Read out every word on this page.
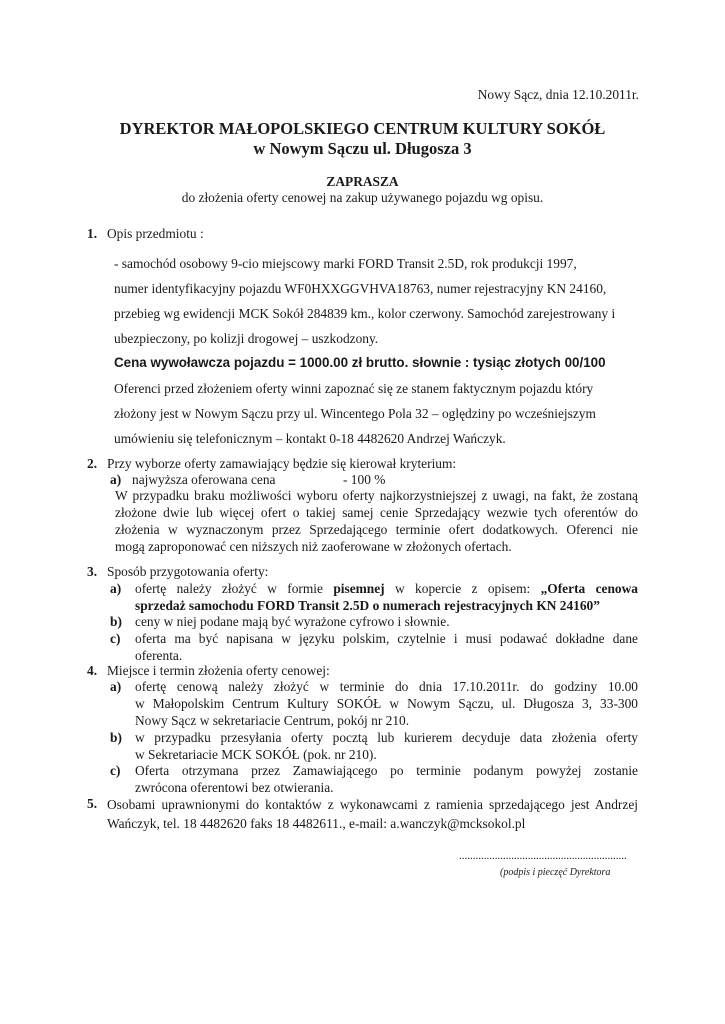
Nowy Sącz, dnia 12.10.2011r.
DYREKTOR MAŁOPOLSKIEGO CENTRUM KULTURY SOKÓŁ
w Nowym Sączu ul. Długosza 3
ZAPRASZA
do złożenia oferty cenowej na zakup używanego pojazdu wg opisu.
1. Opis przedmiotu :
- samochód osobowy 9-cio miejscowy marki FORD Transit 2.5D, rok produkcji 1997,
numer identyfikacyjny pojazdu WF0HXXGGVHVA18763, numer rejestracyjny KN 24160,
przebieg wg ewidencji MCK Sokół 284839 km., kolor czerwony. Samochód zarejestrowany i
ubezpieczony, po kolizji drogowej – uszkodzony.
Cena wywoławcza pojazdu = 1000.00 zł brutto. słownie : tysiąc złotych 00/100
Oferenci przed złożeniem oferty winni zapoznać się ze stanem faktycznym pojazdu który
złożony jest w Nowym Sączu przy ul. Wincentego Pola 32 – oględziny po wcześniejszym
umówieniu się telefonicznym – kontakt 0-18 4482620 Andrzej Wańczyk.
2. Przy wyborze oferty zamawiający będzie się kierował kryterium:
a) najwyższa oferowana cena	- 100 %
W przypadku braku możliwości wyboru oferty najkorzystniejszej z uwagi, na fakt, że zostaną
złożone dwie lub więcej ofert o takiej samej cenie Sprzedający wezwie tych oferentów do
złożenia w wyznaczonym przez Sprzedającego terminie ofert dodatkowych. Oferenci nie
mogą zaproponować cen niższych niż zaoferowane w złożonych ofertach.
3. Sposób przygotowania oferty:
a) ofertę należy złożyć w formie pisemnej w kopercie z opisem: „Oferta cenowa
sprzedaż samochodu FORD Transit 2.5D o numerach rejestracyjnych KN 24160”
b) ceny w niej podane mają być wyrażone cyfrowo i słownie.
c) oferta ma być napisana w języku polskim, czytelnie i musi podawać dokładne dane
oferenta.
4. Miejsce i termin złożenia oferty cenowej:
a) ofertę cenową należy złożyć w terminie do dnia 17.10.2011r. do godziny 10.00
w Małopolskim Centrum Kultury SOKÓŁ w Nowym Sączu, ul. Długosza 3, 33-300
Nowy Sącz w sekretariacie Centrum, pokój nr 210.
b) w przypadku przesyłania oferty pocztą lub kurierem decyduje data złożenia oferty
w Sekretariacie MCK SOKÓŁ (pok. nr 210).
c) Oferta otrzymana przez Zamawiającego po terminie podanym powyżej zostanie
zwrócona oferentowi bez otwierania.
5. Osobami uprawnionymi do kontaktów z wykonawcami z ramienia sprzedającego jest Andrzej
Wańczyk, tel. 18 4482620 faks 18 4482611., e-mail: a.wanczyk@mcksokol.pl
.............................................................
(podpis i pieczęć Dyrektora
